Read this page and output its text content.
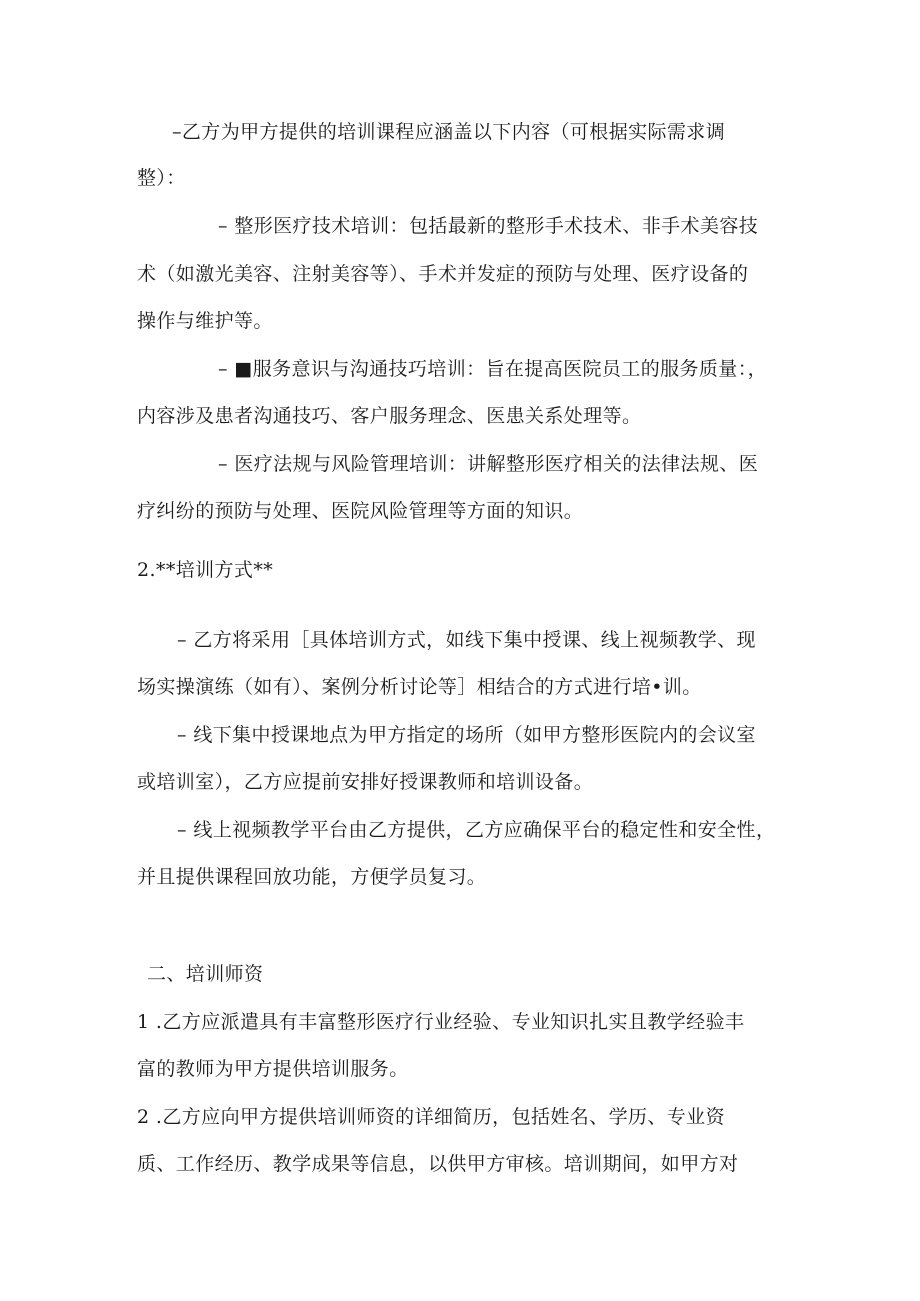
–乙方为甲方提供的培训课程应涵盖以下内容（可根据实际需求调
整）：
– 整形医疗技术培训：包括最新的整形手术技术、非手术美容技
术（如激光美容、注射美容等）、手术并发症的预防与处理、医疗设备的
操作与维护等。
– ■服务意识与沟通技巧培训：旨在提高医院员工的服务质量：，
内容涉及患者沟通技巧、客户服务理念、医患关系处理等。
– 医疗法规与风险管理培训：讲解整形医疗相关的法律法规、医
疗纠纷的预防与处理、医院风险管理等方面的知识。
2.**培训方式**
– 乙方将采用［具体培训方式，如线下集中授课、线上视频教学、现
场实操演练（如有）、案例分析讨论等］相结合的方式进行培•训。
– 线下集中授课地点为甲方指定的场所（如甲方整形医院内的会议室
或培训室），乙方应提前安排好授课教师和培训设备。
– 线上视频教学平台由乙方提供，乙方应确保平台的稳定性和安全性，
并且提供课程回放功能，方便学员复习。
二、培训师资
1 .乙方应派遣具有丰富整形医疗行业经验、专业知识扎实且教学经验丰
富的教师为甲方提供培训服务。
2 .乙方应向甲方提供培训师资的详细简历，包括姓名、学历、专业资
质、工作经历、教学成果等信息，以供甲方审核。培训期间，如甲方对
